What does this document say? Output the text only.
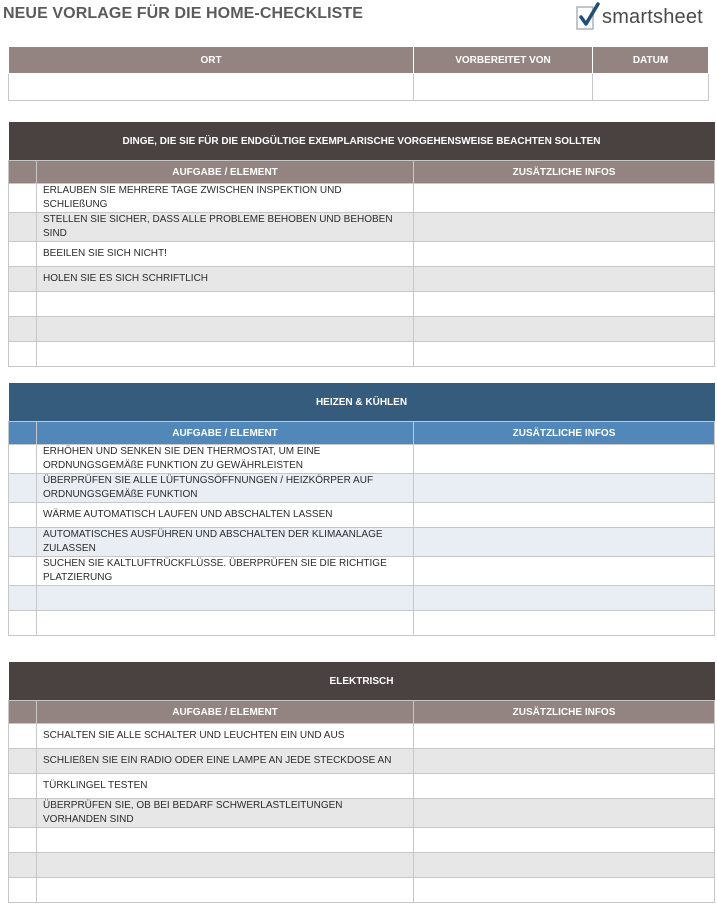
NEUE VORLAGE FÜR DIE HOME-CHECKLISTE	smartsheet
ORT	VORBEREITET VON	DATUM

DINGE, DIE SIE FÜR DIE ENDGÜLTIGE EXEMPLARISCHE VORGEHENSWEISE BEACHTEN SOLLTEN		
	AUFGABE / ELEMENT	ZUSÄTZLICHE INFOS
	ERLAUBEN SIE MEHRERE TAGE ZWISCHEN INSPEKTION UND SCHLIEßUNG	
	STELLEN SIE SICHER, DASS ALLE PROBLEME BEHOBEN UND BEHOBEN SIND	
	BEEILEN SIE SICH NICHT!	
	HOLEN SIE ES SICH SCHRIFTLICH	

HEIZEN & KÜHLEN		
	AUFGABE / ELEMENT	ZUSÄTZLICHE INFOS
	ERHÖHEN UND SENKEN SIE DEN THERMOSTAT, UM EINE ORDNUNGSGEMÄßE FUNKTION ZU GEWÄHRLEISTEN	
	ÜBERPRÜFEN SIE ALLE LÜFTUNGSÖFFNUNGEN / HEIZKÖRPER AUF ORDNUNGSGEMÄßE FUNKTION	
	WÄRME AUTOMATISCH LAUFEN UND ABSCHALTEN LASSEN	
	AUTOMATISCHES AUSFÜHREN UND ABSCHALTEN DER KLIMAANLAGE ZULASSEN	
	SUCHEN SIE KALTLUFTRÜCKFLÜSSE. ÜBERPRÜFEN SIE DIE RICHTIGE PLATZIERUNG	

ELEKTRISCH		
	AUFGABE / ELEMENT	ZUSÄTZLICHE INFOS
	SCHALTEN SIE ALLE SCHALTER UND LEUCHTEN EIN UND AUS	
	SCHLIEßEN SIE EIN RADIO ODER EINE LAMPE AN JEDE STECKDOSE AN	
	TÜRKLINGEL TESTEN	
	ÜBERPRÜFEN SIE, OB BEI BEDARF SCHWERLASTLEITUNGEN VORHANDEN SIND	
